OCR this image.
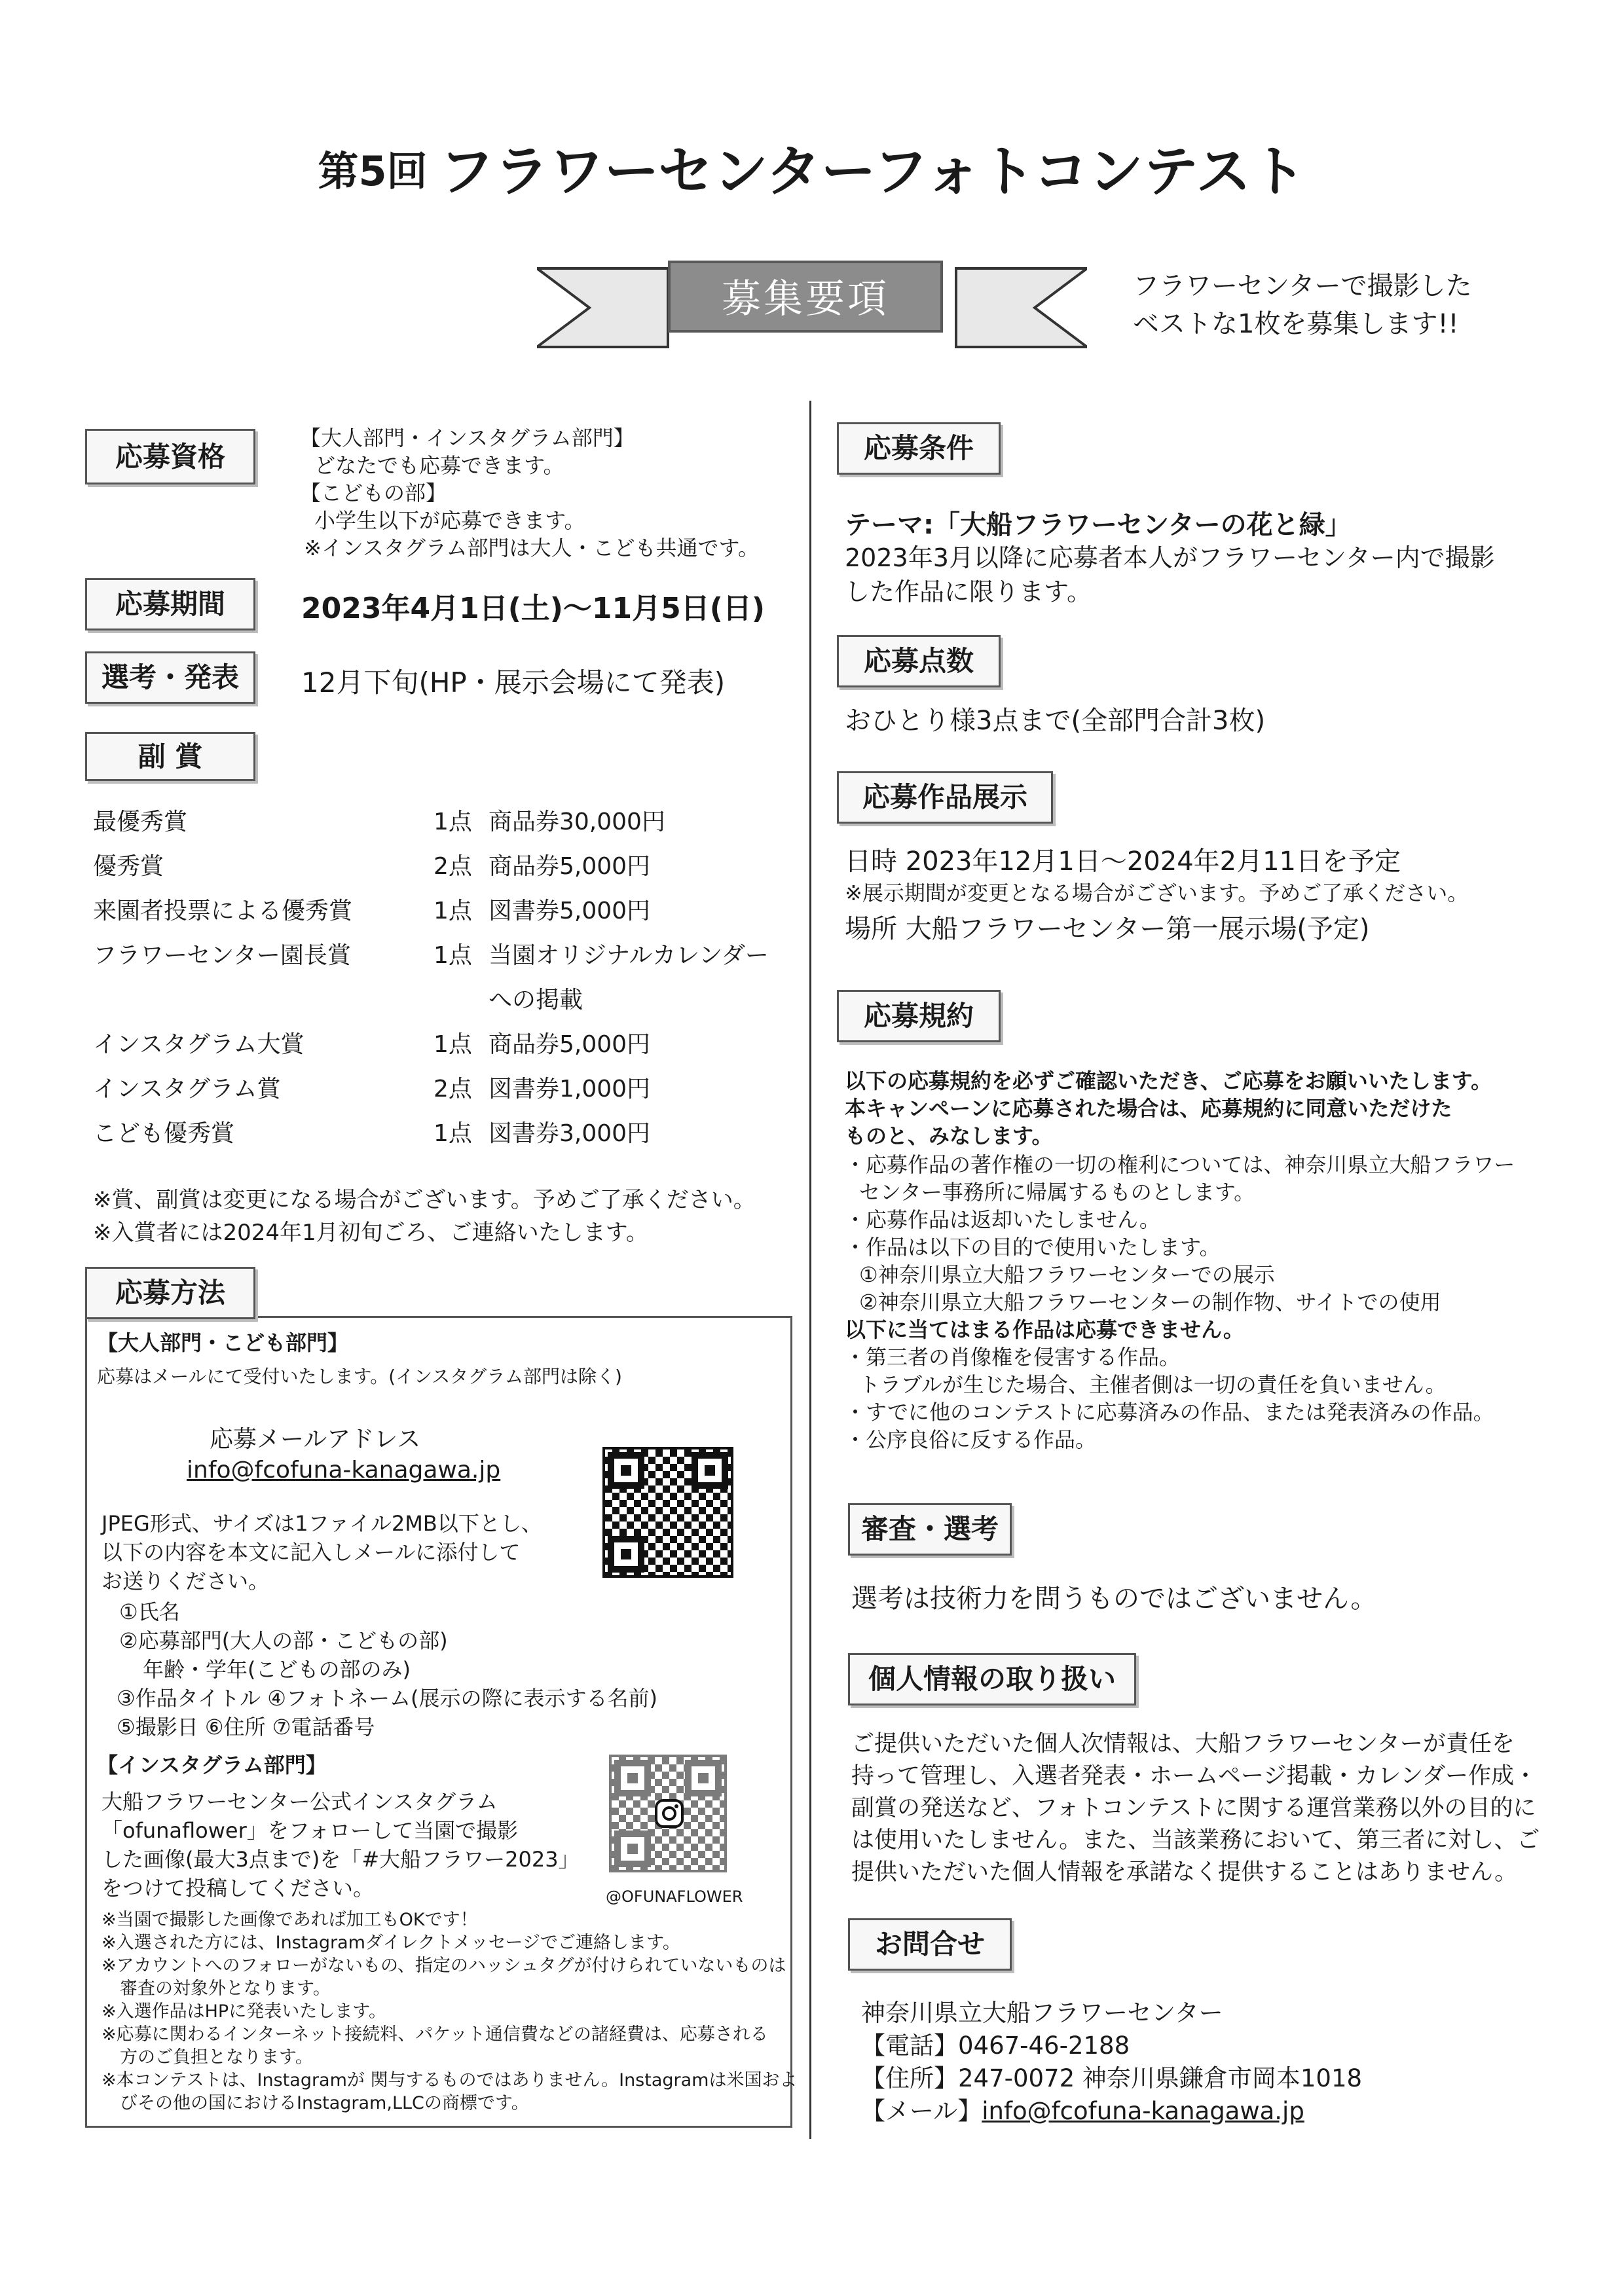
第5回 フラワーセンターフォトコンテスト
募集要項	フラワーセンターで撮影した
ベストな1枚を募集します!!
応募資格
【大人部門・インスタグラム部門】
どなたでも応募できます。
【こどもの部】
小学生以下が応募できます。
※インスタグラム部門は大人・こども共通です。
応募期間	2023年4月1日(土)～11月5日(日)
選考・発表	12月下旬(HP・展示会場にて発表)
副 賞
最優秀賞	1点 商品券30,000円
優秀賞	2点 商品券5,000円
来園者投票による優秀賞	1点 図書券5,000円
フラワーセンター園長賞	1点 当園オリジナルカレンダー
への掲載
インスタグラム大賞	1点 商品券5,000円
インスタグラム賞	2点 図書券1,000円
こども優秀賞	1点 図書券3,000円
※賞、副賞は変更になる場合がございます。予めご了承ください。
※入賞者には2024年1月初旬ごろ、ご連絡いたします。
応募方法
【大人部門・こども部門】
応募はメールにて受付いたします。(インスタグラム部門は除く)
応募メールアドレス
info@fcofuna-kanagawa.jp
JPEG形式、サイズは1ファイル2MB以下とし、
以下の内容を本文に記入しメールに添付して
お送りください。
①氏名
②応募部門(大人の部・こどもの部)
年齢・学年(こどもの部のみ)
③作品タイトル ④フォトネーム(展示の際に表示する名前)
⑤撮影日 ⑥住所 ⑦電話番号
【インスタグラム部門】
大船フラワーセンター公式インスタグラム
「ofunaflower」をフォローして当園で撮影
した画像(最大3点まで)を「#大船フラワー2023」
をつけて投稿してください。	@OFUNAFLOWER
※当園で撮影した画像であれば加工もOKです！
※入選された方には、Instagramダイレクトメッセージでご連絡します。
※アカウントへのフォローがないもの、指定のハッシュタグが付けられていないものは
審査の対象外となります。
※入選作品はHPに発表いたします。
※応募に関わるインターネット接続料、パケット通信費などの諸経費は、応募される
方のご負担となります。
※本コンテストは、Instagramが 関与するものではありません。Instagramは米国およ
びその他の国におけるInstagram,LLCの商標です。
応募条件
テーマ:「大船フラワーセンターの花と緑」
2023年3月以降に応募者本人がフラワーセンター内で撮影
した作品に限ります。
応募点数
おひとり様3点まで(全部門合計3枚)
応募作品展示
日時 2023年12月1日～2024年2月11日を予定
※展示期間が変更となる場合がございます。予めご了承ください。
場所 大船フラワーセンター第一展示場(予定)
応募規約
以下の応募規約を必ずご確認いただき、ご応募をお願いいたします。
本キャンペーンに応募された場合は、応募規約に同意いただけた
ものと、みなします。
・応募作品の著作権の一切の権利については、神奈川県立大船フラワー
センター事務所に帰属するものとします。
・応募作品は返却いたしません。
・作品は以下の目的で使用いたします。
①神奈川県立大船フラワーセンターでの展示
②神奈川県立大船フラワーセンターの制作物、サイトでの使用
以下に当てはまる作品は応募できません。
・第三者の肖像権を侵害する作品。
トラブルが生じた場合、主催者側は一切の責任を負いません。
・すでに他のコンテストに応募済みの作品、または発表済みの作品。
・公序良俗に反する作品。
審査・選考
選考は技術力を問うものではございません。
個人情報の取り扱い
ご提供いただいた個人次情報は、大船フラワーセンターが責任を
持って管理し、入選者発表・ホームページ掲載・カレンダー作成・
副賞の発送など、フォトコンテストに関する運営業務以外の目的に
は使用いたしません。また、当該業務において、第三者に対し、ご
提供いただいた個人情報を承諾なく提供することはありません。
お問合せ
神奈川県立大船フラワーセンター
【電話】0467-46-2188
【住所】247-0072 神奈川県鎌倉市岡本1018
【メール】info@fcofuna-kanagawa.jp
